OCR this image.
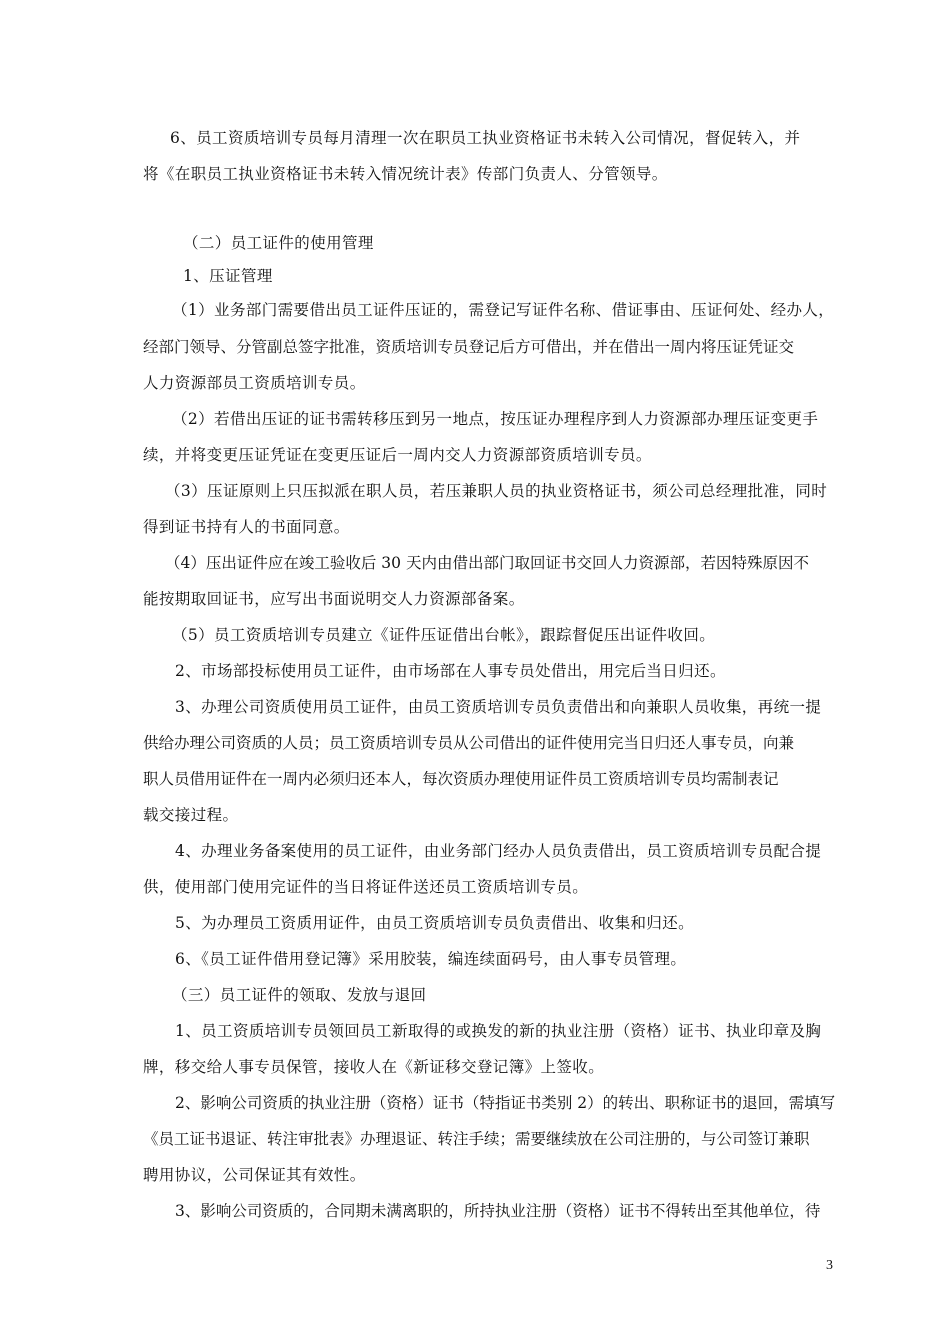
6、员工资质培训专员每月清理一次在职员工执业资格证书未转入公司情况，督促转入，并
将《在职员工执业资格证书未转入情况统计表》传部门负责人、分管领导。
（二）员工证件的使用管理
1、压证管理
（1）业务部门需要借出员工证件压证的，需登记写证件名称、借证事由、压证何处、经办人，
经部门领导、分管副总签字批准，资质培训专员登记后方可借出，并在借出一周内将压证凭证交
人力资源部员工资质培训专员。
（2）若借出压证的证书需转移压到另一地点，按压证办理程序到人力资源部办理压证变更手
续，并将变更压证凭证在变更压证后一周内交人力资源部资质培训专员。
（3）压证原则上只压拟派在职人员，若压兼职人员的执业资格证书，须公司总经理批准，同时
得到证书持有人的书面同意。
（4）压出证件应在竣工验收后 30 天内由借出部门取回证书交回人力资源部，若因特殊原因不
能按期取回证书，应写出书面说明交人力资源部备案。
（5）员工资质培训专员建立《证件压证借出台帐》，跟踪督促压出证件收回。
2、市场部投标使用员工证件，由市场部在人事专员处借出，用完后当日归还。
3、办理公司资质使用员工证件，由员工资质培训专员负责借出和向兼职人员收集，再统一提
供给办理公司资质的人员；员工资质培训专员从公司借出的证件使用完当日归还人事专员，向兼
职人员借用证件在一周内必须归还本人，每次资质办理使用证件员工资质培训专员均需制表记
载交接过程。
4、办理业务备案使用的员工证件，由业务部门经办人员负责借出，员工资质培训专员配合提
供，使用部门使用完证件的当日将证件送还员工资质培训专员。
5、为办理员工资质用证件，由员工资质培训专员负责借出、收集和归还。
6、《员工证件借用登记簿》采用胶装，编连续面码号，由人事专员管理。
（三）员工证件的领取、发放与退回
1、员工资质培训专员领回员工新取得的或换发的新的执业注册（资格）证书、执业印章及胸
牌，移交给人事专员保管，接收人在《新证移交登记簿》上签收。
2、影响公司资质的执业注册（资格）证书（特指证书类别 2）的转出、职称证书的退回，需填写
《员工证书退证、转注审批表》办理退证、转注手续；需要继续放在公司注册的，与公司签订兼职
聘用协议，公司保证其有效性。
3、影响公司资质的，合同期未满离职的，所持执业注册（资格）证书不得转出至其他单位，待
3
